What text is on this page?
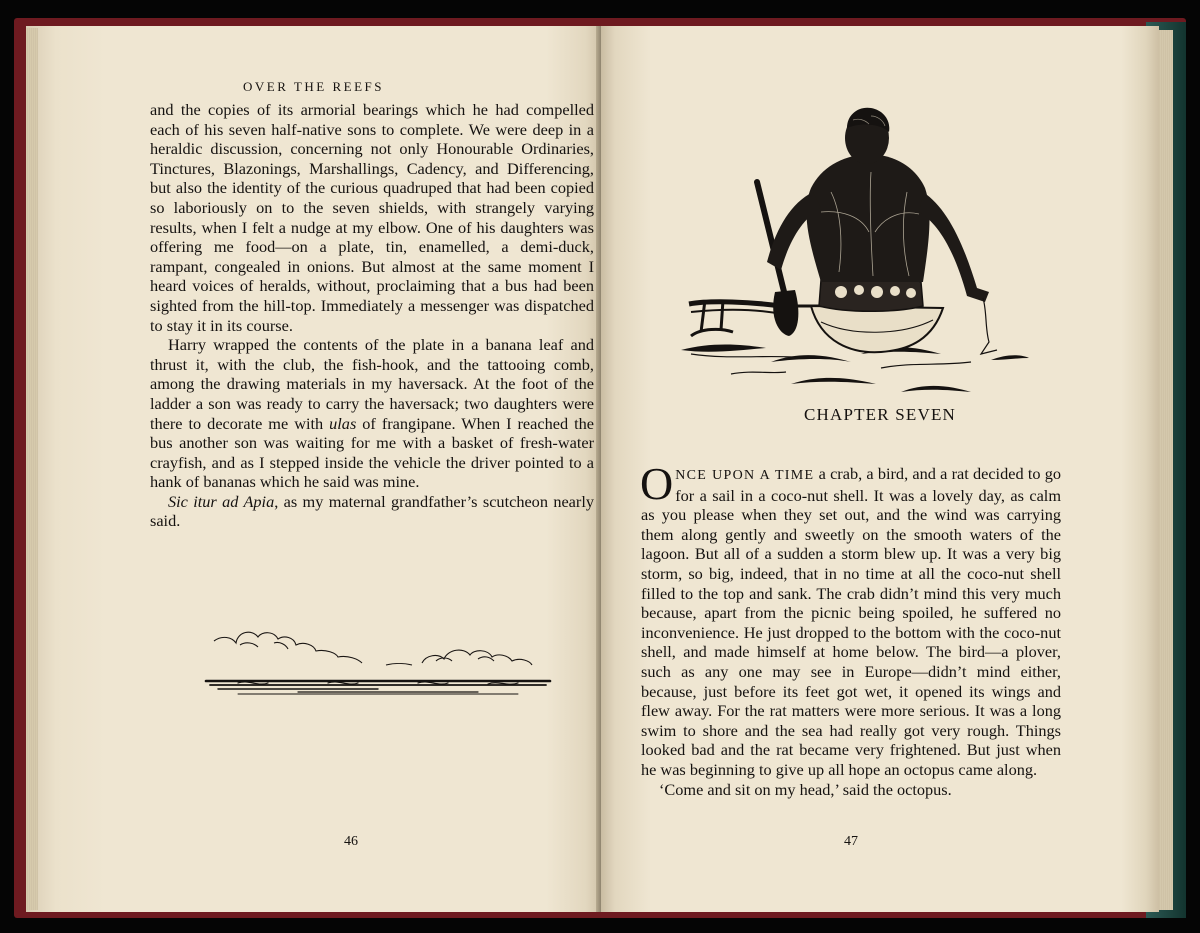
OVER THE REEFS

and the copies of its armorial bearings which he had compelled each of his seven half-native sons to complete. We were deep in a heraldic discussion, concerning not only Honourable Ordinaries, Tinctures, Blazonings, Marshallings, Cadency, and Differencing, but also the identity of the curious quadruped that had been copied so laboriously on to the seven shields, with strangely varying results, when I felt a nudge at my elbow. One of his daughters was offering me food—on a plate, tin, enamelled, a demi-duck, rampant, congealed in onions. But almost at the same moment I heard voices of heralds, without, proclaiming that a bus had been sighted from the hill-top. Immediately a messenger was dispatched to stay it in its course.

Harry wrapped the contents of the plate in a banana leaf and thrust it, with the club, the fish-hook, and the tattooing comb, among the drawing materials in my haversack. At the foot of the ladder a son was ready to carry the haversack; two daughters were there to decorate me with ulas of frangipane. When I reached the bus another son was waiting for me with a basket of fresh-water crayfish, and as I stepped inside the vehicle the driver pointed to a hank of bananas which he said was mine.

Sic itur ad Apia, as my maternal grandfather’s scutcheon nearly said.

46
CHAPTER SEVEN

ONCE UPON A TIME a crab, a bird, and a rat decided to go for a sail in a coco-nut shell. It was a lovely day, as calm as you please when they set out, and the wind was carrying them along gently and sweetly on the smooth waters of the lagoon. But all of a sudden a storm blew up. It was a very big storm, so big, indeed, that in no time at all the coco-nut shell filled to the top and sank. The crab didn’t mind this very much because, apart from the picnic being spoiled, he suffered no inconvenience. He just dropped to the bottom with the coco-nut shell, and made himself at home below. The bird—a plover, such as any one may see in Europe—didn’t mind either, because, just before its feet got wet, it opened its wings and flew away. For the rat matters were more serious. It was a long swim to shore and the sea had really got very rough. Things looked bad and the rat became very frightened. But just when he was beginning to give up all hope an octopus came along.

‘Come and sit on my head,’ said the octopus.

47
